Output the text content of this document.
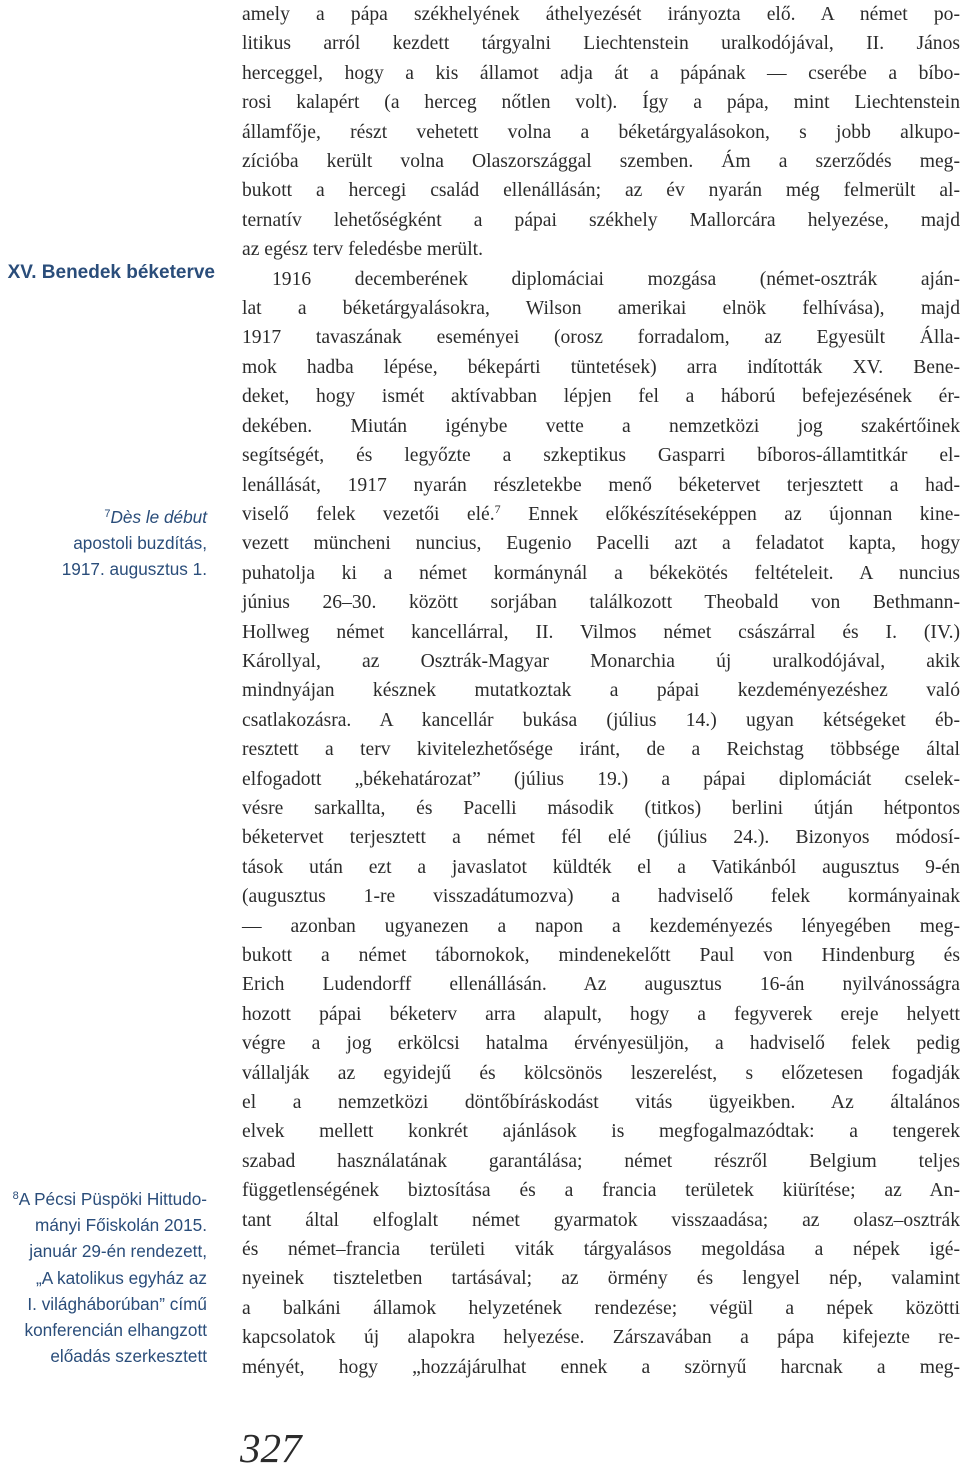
XV. Benedek béketerve
$^7$Dès le début
apostoli buzdítás,
1917. augusztus 1.
$^8$A Pécsi Püspöki Hittudo-
mányi Főiskolán 2015.
január 29-én rendezett,
„A katolikus egyház az
I. világháborúban” című
konferencián elhangzott
előadás szerkesztett
amely a pápa székhelyének áthelyezését irányozta elő. A német po-
litikus arról kezdett tárgyalni Liechtenstein uralkodójával, II. János
herceggel, hogy a kis államot adja át a pápának — cserébe a bíbo-
rosi kalapért (a herceg nőtlen volt). Így a pápa, mint Liechtenstein
államfője, részt vehetett volna a béketárgyalásokon, s jobb alkupo-
zícióba került volna Olaszországgal szemben. Ám a szerződés meg-
bukott a hercegi család ellenállásán; az év nyarán még felmerült al-
ternatív lehetőségként a pápai székhely Mallorcára helyezése, majd
az egész terv feledésbe merült.
1916 decemberének diplomáciai mozgása (német-osztrák aján-
lat a béketárgyalásokra, Wilson amerikai elnök felhívása), majd
1917 tavaszának eseményei (orosz forradalom, az Egyesült Álla-
mok hadba lépése, békepárti tüntetések) arra indították XV. Bene-
deket, hogy ismét aktívabban lépjen fel a háború befejezésének ér-
dekében. Miután igénybe vette a nemzetközi jog szakértőinek
segítségét, és legyőzte a szkeptikus Gasparri bíboros-államtitkár el-
lenállását, 1917 nyarán részletekbe menő béketervet terjesztett a had-
viselő felek vezetői elé.$^7$ Ennek előkészítéseképpen az újonnan kine-
vezett müncheni nuncius, Eugenio Pacelli azt a feladatot kapta, hogy
puhatolja ki a német kormánynál a békekötés feltételeit. A nuncius
június 26–30. között sorjában találkozott Theobald von Bethmann-
Hollweg német kancellárral, II. Vilmos német császárral és I. (IV.)
Károllyal, az Osztrák-Magyar Monarchia új uralkodójával, akik
mindnyájan késznek mutatkoztak a pápai kezdeményezéshez való
csatlakozásra. A kancellár bukása (július 14.) ugyan kétségeket éb-
resztett a terv kivitelezhetősége iránt, de a Reichstag többsége által
elfogadott „békehatározat” (július 19.) a pápai diplomáciát cselek-
vésre sarkallta, és Pacelli második (titkos) berlini útján hétpontos
béketervet terjesztett a német fél elé (július 24.). Bizonyos módosí-
tások után ezt a javaslatot küldték el a Vatikánból augusztus 9-én
(augusztus 1-re visszadátumozva) a hadviselő felek kormányainak
— azonban ugyanezen a napon a kezdeményezés lényegében meg-
bukott a német tábornokok, mindenekelőtt Paul von Hindenburg és
Erich Ludendorff ellenállásán. Az augusztus 16-án nyilvánosságra
hozott pápai béketerv arra alapult, hogy a fegyverek ereje helyett
végre a jog erkölcsi hatalma érvényesüljön, a hadviselő felek pedig
vállalják az egyidejű és kölcsönös leszerelést, s előzetesen fogadják
el a nemzetközi döntőbíráskodást vitás ügyeikben. Az általános
elvek mellett konkrét ajánlások is megfogalmazódtak: a tengerek
szabad használatának garantálása; német részről Belgium teljes
függetlenségének biztosítása és a francia területek kiürítése; az An-
tant által elfoglalt német gyarmatok visszaadása; az olasz–osztrák
és német–francia területi viták tárgyalásos megoldása a népek igé-
nyeinek tiszteletben tartásával; az örmény és lengyel nép, valamint
a balkáni államok helyzetének rendezése; végül a népek közötti
kapcsolatok új alapokra helyezése. Zárszavában a pápa kifejezte re-
ményét, hogy „hozzájárulhat ennek a szörnyű harcnak a meg-
327
